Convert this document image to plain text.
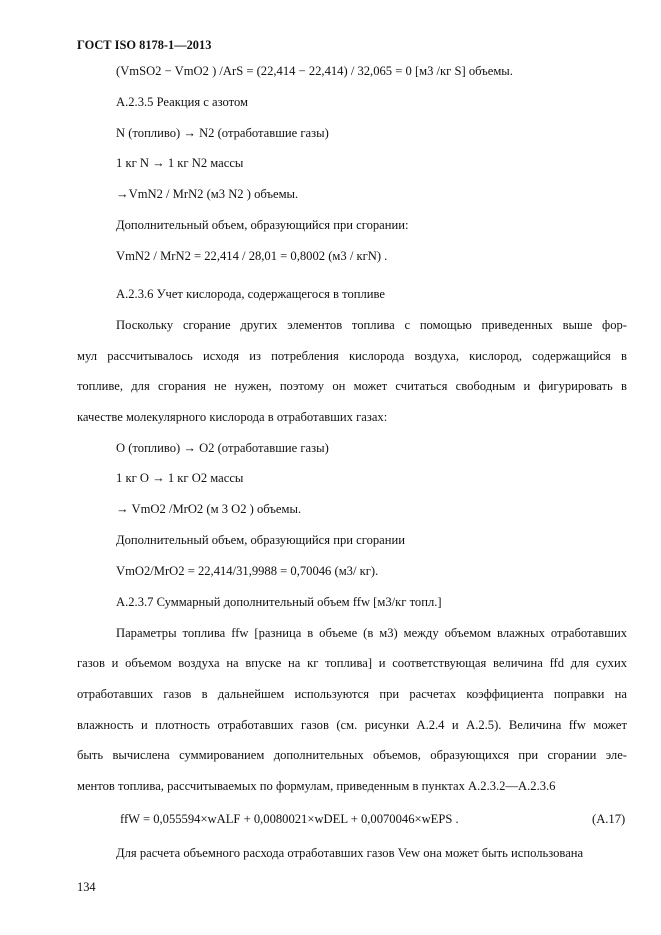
ГОСТ ISO 8178-1—2013
(VmSO2 − VmO2 ) /ArS = (22,414 − 22,414) / 32,065 = 0 [м3 /кг S] объемы.
A.2.3.5 Реакция с азотом
N (топливо) → N2 (отработавшие газы)
1 кг N → 1 кг N2 массы
→VmN2 / MrN2 (м3 N2 ) объемы.
Дополнительный объем, образующийся при сгорании:
VmN2 / MrN2 = 22,414 / 28,01 = 0,8002 (м3 / кгN) .
A.2.3.6 Учет кислорода, содержащегося в топливе
Поскольку сгорание других элементов топлива с помощью приведенных выше фор-
мул рассчитывалось исходя из потребления кислорода воздуха, кислород, содержащийся в
топливе, для сгорания не нужен, поэтому он может считаться свободным и фигурировать в
качестве молекулярного кислорода в отработавших газах:
O (топливо) → O2 (отработавшие газы)
1 кг O → 1 кг O2 массы
→ VmO2 /MrO2 (м 3 O2 ) объемы.
Дополнительный объем, образующийся при сгорании
VmO2/MrO2 = 22,414/31,9988 = 0,70046 (м3/ кг).
A.2.3.7 Суммарный дополнительный объем ffw [м3/кг топл.]
Параметры топлива ffw [разница в объеме (в м3) между объемом влажных отработавших
газов и объемом воздуха на впуске на кг топлива] и соответствующая величина ffd для сухих
отработавших газов в дальнейшем используются при расчетах коэффициента поправки на
влажность и плотность отработавших газов (см. рисунки A.2.4 и A.2.5). Величина ffw может
быть вычислена суммированием дополнительных объемов, образующихся при сгорании эле-
ментов топлива, рассчитываемых по формулам, приведенным в пунктах A.2.3.2—A.2.3.6
ffW = 0,055594×wALF + 0,0080021×wDEL + 0,0070046×wEPS .	(A.17)
Для расчета объемного расхода отработавших газов Vew она может быть использована
134
